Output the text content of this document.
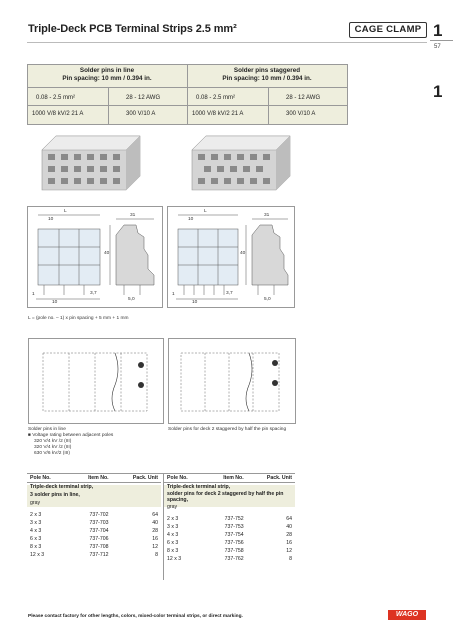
Triple-Deck PCB Terminal Strips 2.5 mm²	CAGE CLAMP 1
57
1
Solder pins in line
Pin spacing: 10 mm / 0.394 in.
Solder pins staggered
Pin spacing: 10 mm / 0.394 in.
0.08 - 2.5 mm²	28 - 12 AWG
1000 V/8 kV/2 21 A	300 V/10 A
0.08 - 2.5 mm²	28 - 12 AWG
1000 V/8 kV/2 21 A	300 V/10 A
L
10
31
40
1
10
3,7
5,0
L
10
31
40
1
10
3,7
5,0
L = (pole no. – 1) x pin spacing + 5 mm + 1 mm
Solder pins in line
■ Voltage rating between adjacent poles
320 V/4 kV /2 (III)
320 V/4 kV /2 (III)
630 V/6 kV/2 (III)
Solder pins for deck 2 staggered by half the pin spacing
Pole No.	Item No.	Pack. Unit
Triple-deck terminal strip,		
3 solder pins in line,		
gray		

2 x 3	737-702	64
3 x 3	737-703	40
4 x 3	737-704	28
6 x 3	737-706	16
8 x 3	737-708	12
12 x 3	737-712	8
Pole No.	Item No.	Pack. Unit
Triple-deck terminal strip,		
solder pins for deck 2 staggered by half the pin spacing,		
gray		

2 x 3	737-752	64
3 x 3	737-753	40
4 x 3	737-754	28
6 x 3	737-756	16
8 x 3	737-758	12
12 x 3	737-762	8
Please contact factory for other lengths, colors, mixed-color terminal strips, or direct marking.	WAGO
